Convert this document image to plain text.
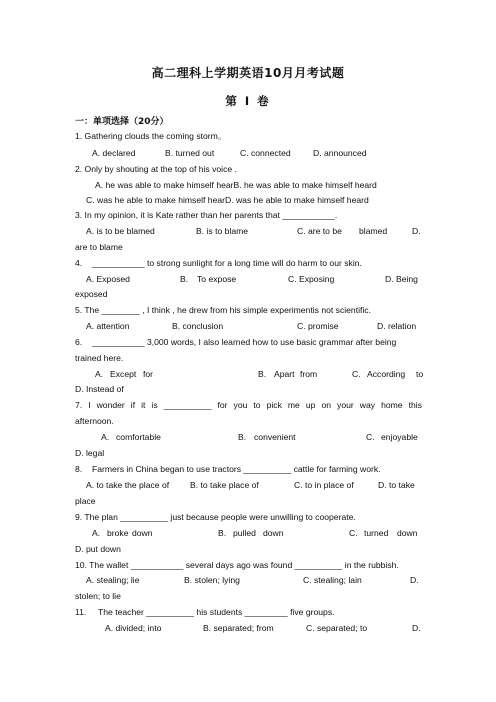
高二理科上学期英语10月月考试题
第 I 卷
一：单项选择（20分）
1. Gathering clouds the coming storm。
A. declared	B. turned out	C. connected	D. announced
2. Only by shouting at the top of his voice .
A. he was able to make himself hearB. he was able to make himself heard
C. was he able to make himself hearD. was he able to make himself heard
3. In my opinion, it is Kate rather than her parents that ___________.
A. is to be blamed	B. is to blame	C. are to be blamed	D.
are to blame
4. ___________ to strong sunlight for a long time will do harm to our skin.
A. Exposed	B. To expose	C. Exposing	D. Being
exposed
5. The ________ , I think , he drew from his simple experimentis not scientific.
A. attention	B. conclusion	C. promise	D. relation
6. ___________ 3,000 words, I also learned how to use basic grammar after being
trained here.
A. Except for	B. Apart from	C. According to
D. Instead of
7. I wonder if it is __________ for you to pick me up on your way home this
afternoon.
A. comfortable	B. convenient	C. enjoyable
D. legal
8. Farmers in China began to use tractors __________ cattle for farming work.
A. to take the place of B. to take place of	C. to in place of	D. to take
place
9. The plan __________ just because people were unwilling to cooperate.
A. broke down	B. pulled down	C. turned down
D. put down
10. The wallet ___________ several days ago was found __________ in the rubbish.
A. stealing; lie	B. stolen; lying	C. stealing; lain	D.
stolen; to lie
11. The teacher __________ his students _________ five groups.
A. divided; into	B. separated; from	C. separated; to	D.
